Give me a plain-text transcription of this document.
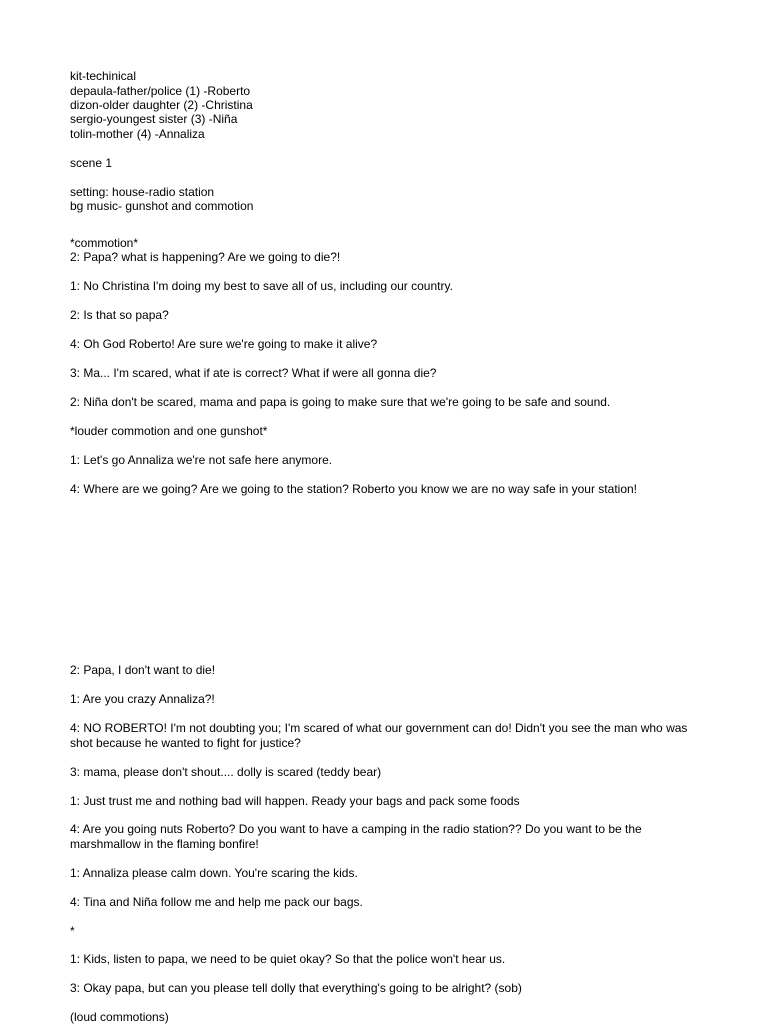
kit-techinical

depaula-father/police (1) -Roberto

dizon-older daughter (2) -Christina

sergio-youngest sister (3) -Niña

tolin-mother (4) -Annaliza

scene 1

setting: house-radio station

bg music- gunshot and commotion

*commotion*

2: Papa? what is happening? Are we going to die?!

1: No Christina I'm doing my best to save all of us, including our country.

2: Is that so papa?

4: Oh God Roberto! Are sure we're going to make it alive?

3: Ma... I'm scared, what if ate is correct? What if were all gonna die?

2: Niña don't be scared, mama and papa is going to make sure that we're going to be safe and sound.

*louder commotion and one gunshot*

1: Let's go Annaliza we're not safe here anymore.

4: Where are we going? Are we going to the station? Roberto you know we are no way safe in your station!

2: Papa, I don't want to die!

1: Are you crazy Annaliza?!

4: NO ROBERTO! I'm not doubting you; I'm scared of what our government can do! Didn't you see the man who was shot because he wanted to fight for justice?

3: mama, please don't shout.... dolly is scared (teddy bear)

1: Just trust me and nothing bad will happen. Ready your bags and pack some foods

4: Are you going nuts Roberto? Do you want to have a camping in the radio station?? Do you want to be the marshmallow in the flaming bonfire!

1: Annaliza please calm down. You're scaring the kids.

4: Tina and Niña follow me and help me pack our bags.

*

1: Kids, listen to papa, we need to be quiet okay? So that the police won't hear us.

3: Okay papa, but can you please tell dolly that everything's going to be alright? (sob)

(loud commotions)
